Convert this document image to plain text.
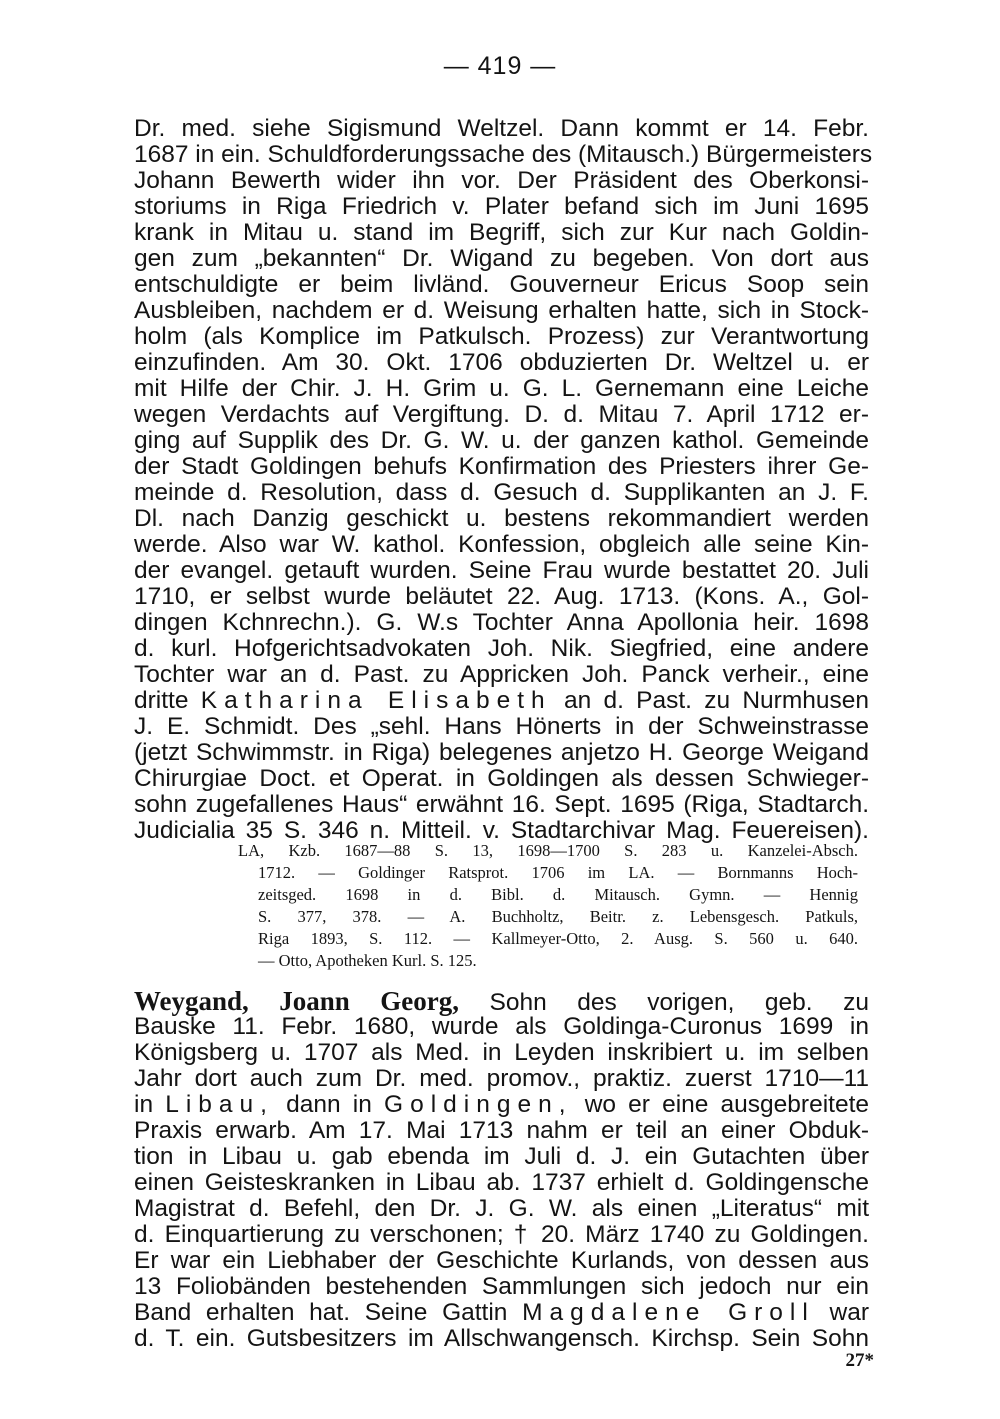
— 419 —
Dr. med. siehe Sigismund Weltzel. Dann kommt er 14. Febr.
1687 in ein. Schuldforderungssache des (Mitausch.) Bürgermeisters
Johann Bewerth wider ihn vor. Der Präsident des Oberkonsi-
storiums in Riga Friedrich v. Plater befand sich im Juni 1695
krank in Mitau u. stand im Begriff, sich zur Kur nach Goldin-
gen zum „bekannten“ Dr. Wigand zu begeben. Von dort aus
entschuldigte er beim livländ. Gouverneur Ericus Soop sein
Ausbleiben, nachdem er d. Weisung erhalten hatte, sich in Stock-
holm (als Komplice im Patkulsch. Prozess) zur Verantwortung
einzufinden. Am 30. Okt. 1706 obduzierten Dr. Weltzel u. er
mit Hilfe der Chir. J. H. Grim u. G. L. Gernemann eine Leiche
wegen Verdachts auf Vergiftung. D. d. Mitau 7. April 1712 er-
ging auf Supplik des Dr. G. W. u. der ganzen kathol. Gemeinde
der Stadt Goldingen behufs Konfirmation des Priesters ihrer Ge-
meinde d. Resolution, dass d. Gesuch d. Supplikanten an J. F.
Dl. nach Danzig geschickt u. bestens rekommandiert werden
werde. Also war W. kathol. Konfession, obgleich alle seine Kin-
der evangel. getauft wurden. Seine Frau wurde bestattet 20. Juli
1710, er selbst wurde beläutet 22. Aug. 1713. (Kons. A., Gol-
dingen Kchnrechn.). G. W.s Tochter Anna Apollonia heir. 1698
d. kurl. Hofgerichtsadvokaten Joh. Nik. Siegfried, eine andere
Tochter war an d. Past. zu Appricken Joh. Panck verheir., eine
dritte Katharina Elisabeth an d. Past. zu Nurmhusen
J. E. Schmidt. Des „sehl. Hans Hönerts in der Schweinstrasse
(jetzt Schwimmstr. in Riga) belegenes anjetzo H. George Weigand
Chirurgiae Doct. et Operat. in Goldingen als dessen Schwieger-
sohn zugefallenes Haus“ erwähnt 16. Sept. 1695 (Riga, Stadtarch.
Judicialia 35 S. 346 n. Mitteil. v. Stadtarchivar Mag. Feuereisen).
LA, Kzb. 1687—88 S. 13, 1698—1700 S. 283 u. Kanzelei-Absch.
1712. — Goldinger Ratsprot. 1706 im LA. — Bornmanns Hoch-
zeitsged. 1698 in d. Bibl. d. Mitausch. Gymn. — Hennig
S. 377, 378. — A. Buchholtz, Beitr. z. Lebensgesch. Patkuls,
Riga 1893, S. 112. — Kallmeyer-Otto, 2. Ausg. S. 560 u. 640.
— Otto, Apotheken Kurl. S. 125.
Weygand, Joann Georg, Sohn des vorigen, geb. zu
Bauske 11. Febr. 1680, wurde als Goldinga-Curonus 1699 in
Königsberg u. 1707 als Med. in Leyden inskribiert u. im selben
Jahr dort auch zum Dr. med. promov., praktiz. zuerst 1710—11
in Libau, dann in Goldingen, wo er eine ausgebreitete
Praxis erwarb. Am 17. Mai 1713 nahm er teil an einer Obduk-
tion in Libau u. gab ebenda im Juli d. J. ein Gutachten über
einen Geisteskranken in Libau ab. 1737 erhielt d. Goldingensche
Magistrat d. Befehl, den Dr. J. G. W. als einen „Literatus“ mit
d. Einquartierung zu verschonen; † 20. März 1740 zu Goldingen.
Er war ein Liebhaber der Geschichte Kurlands, von dessen aus
13 Foliobänden bestehenden Sammlungen sich jedoch nur ein
Band erhalten hat. Seine Gattin Magdalene Groll war
d. T. ein. Gutsbesitzers im Allschwangensch. Kirchsp. Sein Sohn
27*
